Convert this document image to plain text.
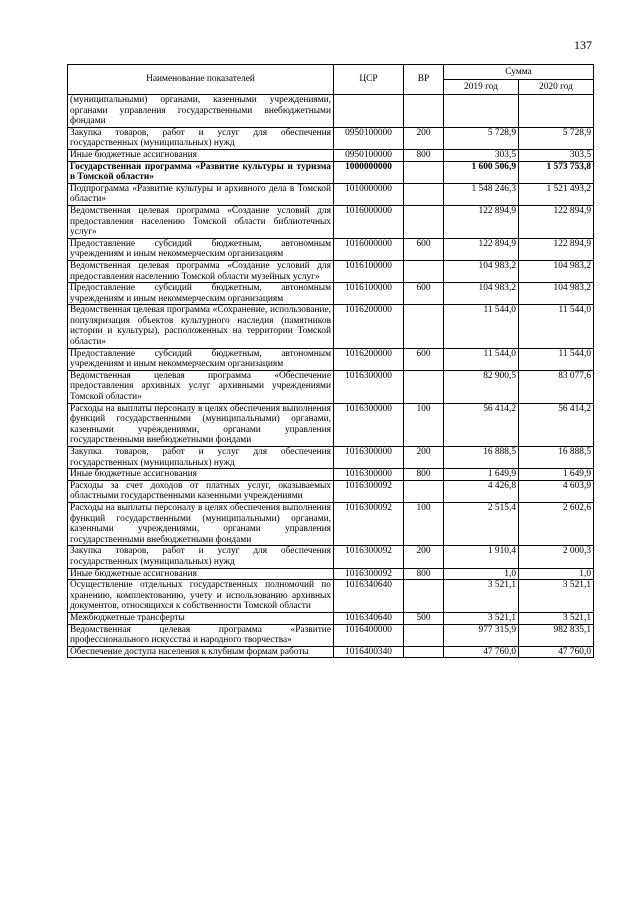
137
Наименование показателей	ЦСР	ВР	Сумма	
			2019 год	2020 год
(муниципальными) органами, казенными учреждениями, органами управления государственными внебюджетными фондами				
Закупка товаров, работ и услуг для обеспечения государственных (муниципальных) нужд	0950100000	200	5 728,9	5 728,9
Иные бюджетные ассигнования	0950100000	800	303,5	303,5
Государственная программа «Развитие культуры и туризма в Томской области»	1000000000		1 600 506,9	1 573 753,8
Подпрограмма «Развитие культуры и архивного дела в Томской области»	1010000000		1 548 246,3	1 521 493,2
Ведомственная целевая программа «Создание условий для предоставления населению Томской области библиотечных услуг»	1016000000		122 894,9	122 894,9
Предоставление субсидий бюджетным, автономным учреждениям и иным некоммерческим организациям	1016000000	600	122 894,9	122 894,9
Ведомственная целевая программа «Создание условий для предоставления населению Томской области музейных услуг»	1016100000		104 983,2	104 983,2
Предоставление субсидий бюджетным, автономным учреждениям и иным некоммерческим организациям	1016100000	600	104 983,2	104 983,2
Ведомственная целевая программа «Сохранение, использование, популяризация объектов культурного наследия (памятников истории и культуры), расположенных на территории Томской области»	1016200000		11 544,0	11 544,0
Предоставление субсидий бюджетным, автономным учреждениям и иным некоммерческим организациям	1016200000	600	11 544,0	11 544,0
Ведомственная целевая программа «Обеспечение предоставления архивных услуг архивными учреждениями Томской области»	1016300000		82 900,5	83 077,6
Расходы на выплаты персоналу в целях обеспечения выполнения функций государственными (муниципальными) органами, казенными учреждениями, органами управления государственными внебюджетными фондами	1016300000	100	56 414,2	56 414,2
Закупка товаров, работ и услуг для обеспечения государственных (муниципальных) нужд	1016300000	200	16 888,5	16 888,5
Иные бюджетные ассигнования	1016300000	800	1 649,9	1 649,9
Расходы за счет доходов от платных услуг, оказываемых областными государственными казенными учреждениями	1016300092		4 426,8	4 603,9
Расходы на выплаты персоналу в целях обеспечения выполнения функций государственными (муниципальными) органами, казенными учреждениями, органами управления государственными внебюджетными фондами	1016300092	100	2 515,4	2 602,6
Закупка товаров, работ и услуг для обеспечения государственных (муниципальных) нужд	1016300092	200	1 910,4	2 000,3
Иные бюджетные ассигнования	1016300092	800	1,0	1,0
Осуществление отдельных государственных полномочий по хранению, комплектованию, учету и использованию архивных документов, относящихся к собственности Томской области	1016340640		3 521,1	3 521,1
Межбюджетные трансферты	1016340640	500	3 521,1	3 521,1
Ведомственная целевая программа «Развитие профессионального искусства и народного творчества»	1016400000		977 315,9	982 835,1
Обеспечение доступа населения к клубным формам работы	1016400340		47 760,0	47 760,0
